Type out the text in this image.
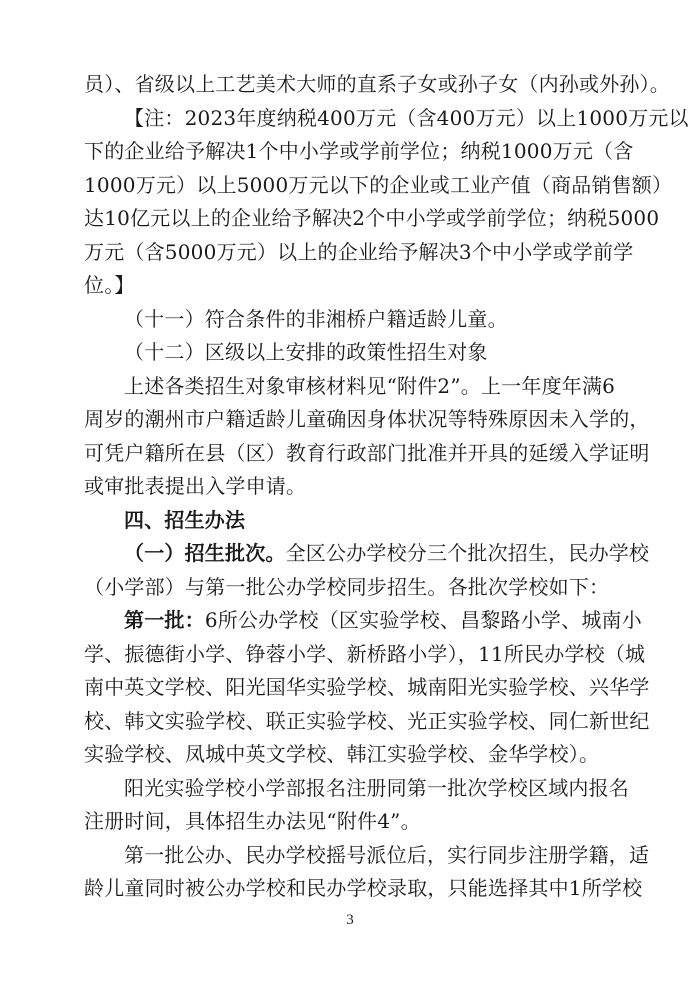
员）、省级以上工艺美术大师的直系子女或孙子女（内孙或外孙）。
【注：2023年度纳税400万元（含400万元）以上1000万元以
下的企业给予解决1个中小学或学前学位；纳税1000万元（含
1000万元）以上5000万元以下的企业或工业产值（商品销售额）
达10亿元以上的企业给予解决2个中小学或学前学位；纳税5000
万元（含5000万元）以上的企业给予解决3个中小学或学前学
位。】
（十一）符合条件的非湘桥户籍适龄儿童。
（十二）区级以上安排的政策性招生对象
上述各类招生对象审核材料见“附件2”。上一年度年满6
周岁的潮州市户籍适龄儿童确因身体状况等特殊原因未入学的，
可凭户籍所在县（区）教育行政部门批准并开具的延缓入学证明
或审批表提出入学申请。
四、招生办法
（一）招生批次。全区公办学校分三个批次招生，民办学校
（小学部）与第一批公办学校同步招生。各批次学校如下：
第一批：6所公办学校（区实验学校、昌黎路小学、城南小
学、振德街小学、铮蓉小学、新桥路小学），11所民办学校（城
南中英文学校、阳光国华实验学校、城南阳光实验学校、兴华学
校、韩文实验学校、联正实验学校、光正实验学校、同仁新世纪
实验学校、凤城中英文学校、韩江实验学校、金华学校）。
阳光实验学校小学部报名注册同第一批次学校区域内报名
注册时间，具体招生办法见“附件4”。
第一批公办、民办学校摇号派位后，实行同步注册学籍，适
龄儿童同时被公办学校和民办学校录取，只能选择其中1所学校
3
